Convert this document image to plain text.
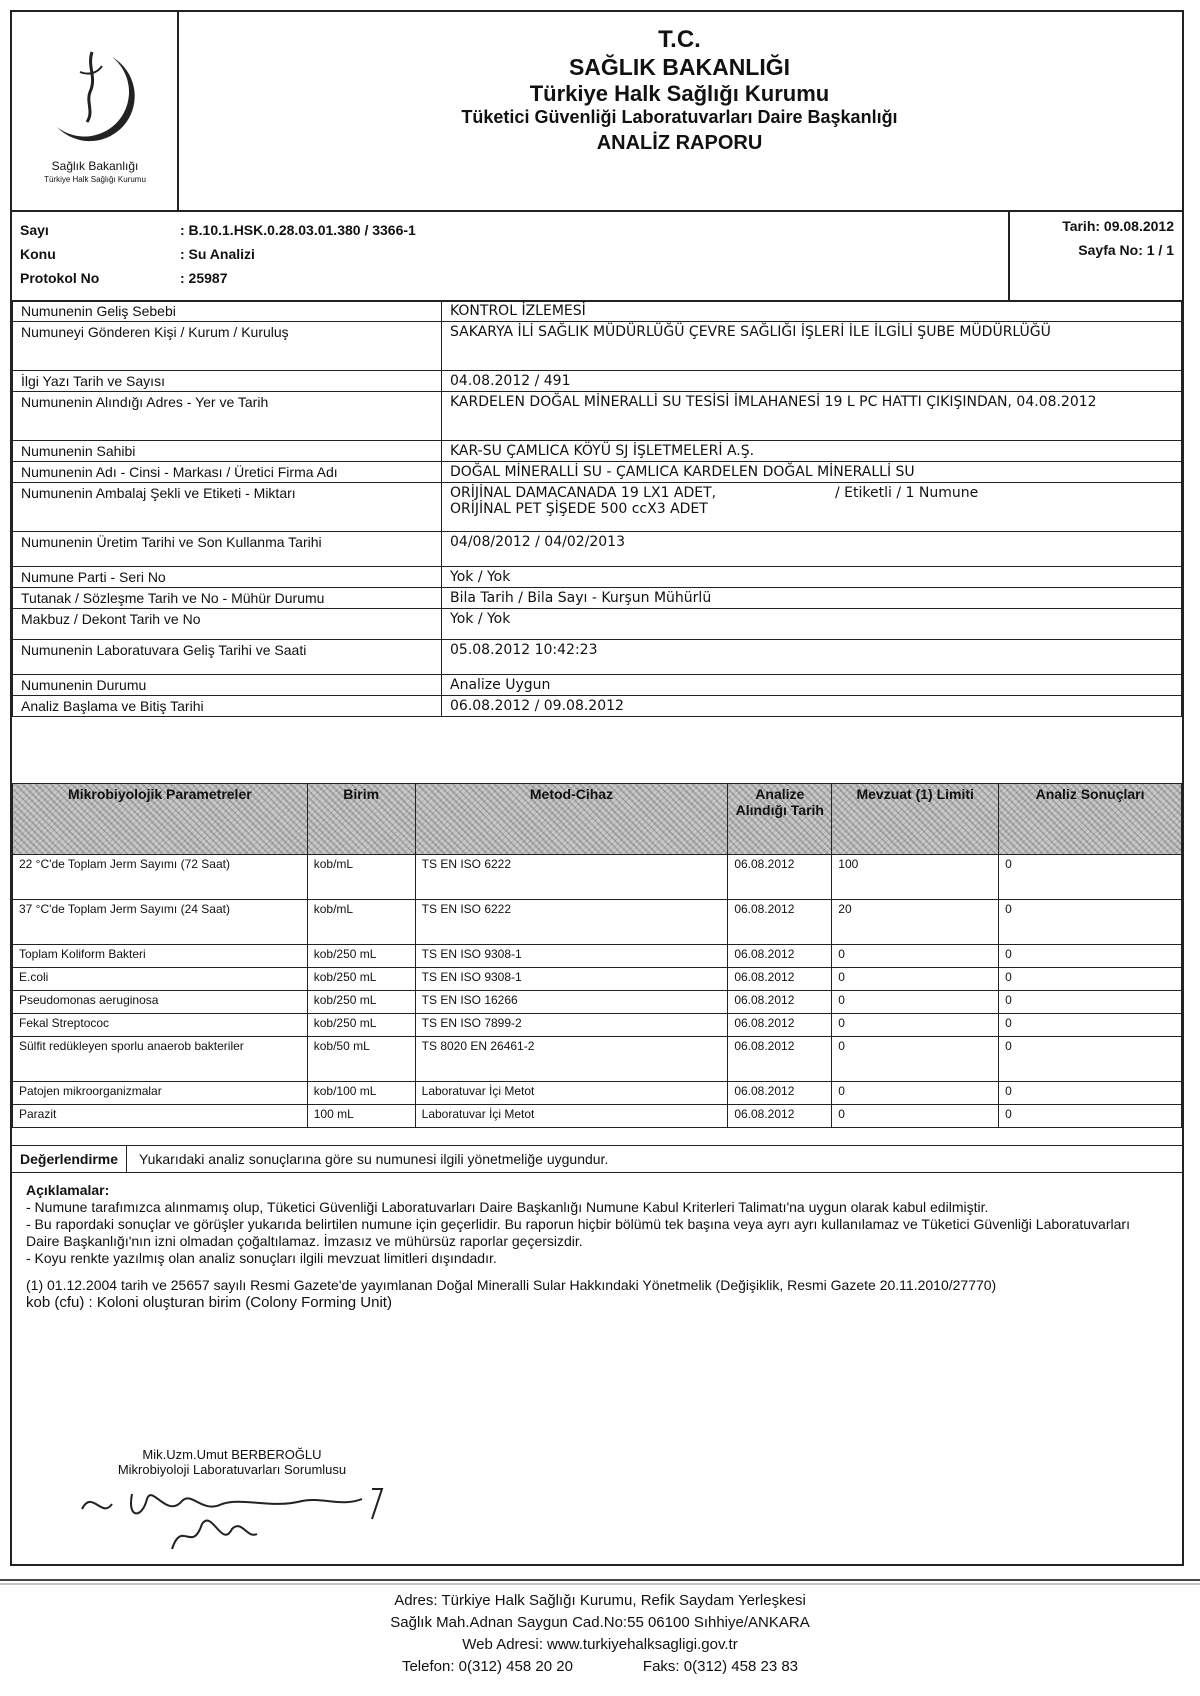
Sağlık Bakanlığı
Türkiye Halk Sağlığı Kurumu
T.C.
SAĞLIK BAKANLIĞI
Türkiye Halk Sağlığı Kurumu
Tüketici Güvenliği Laboratuvarları Daire Başkanlığı
ANALİZ RAPORU
Sayı	: B.10.1.HSK.0.28.03.01.380 / 3366-1
Konu	: Su Analizi
Protokol No	: 25987
Tarih: 09.08.2012
Sayfa No: 1 / 1
Numunenin Geliş Sebebi	KONTROL İZLEMESİ
Numuneyi Gönderen Kişi / Kurum / Kuruluş	SAKARYA İLİ SAĞLIK MÜDÜRLÜĞÜ ÇEVRE SAĞLIĞI İŞLERİ İLE İLGİLİ ŞUBE MÜDÜRLÜĞÜ
İlgi Yazı Tarih ve Sayısı	04.08.2012 / 491
Numunenin Alındığı Adres - Yer ve Tarih	KARDELEN DOĞAL MİNERALLİ SU TESİSİ İMLAHANESİ 19 L PC HATTI ÇIKIŞINDAN, 04.08.2012
Numunenin Sahibi	KAR-SU ÇAMLICA KÖYÜ SJ İŞLETMELERİ A.Ş.
Numunenin Adı - Cinsi - Markası / Üretici Firma Adı	DOĞAL MİNERALLİ SU - ÇAMLICA KARDELEN DOĞAL MİNERALLİ SU
Numunenin Ambalaj Şekli ve Etiketi - Miktarı	ORİJİNAL DAMACANADA 19 LX1 ADET, / Etiketli / 1 Numune
ORİJİNAL PET ŞİŞEDE 500 ccX3 ADET

Numunenin Üretim Tarihi ve Son Kullanma Tarihi	04/08/2012 / 04/02/2013
Numune Parti - Seri No	Yok / Yok
Tutanak / Sözleşme Tarih ve No - Mühür Durumu	Bila Tarih / Bila Sayı - Kurşun Mühürlü
Makbuz / Dekont Tarih ve No	Yok / Yok
Numunenin Laboratuvara Geliş Tarihi ve Saati	05.08.2012 10:42:23
Numunenin Durumu	Analize Uygun
Analiz Başlama ve Bitiş Tarihi	06.08.2012 / 09.08.2012
Mikrobiyolojik Parametreler	Birim	Metod-Cihaz	Analize Alındığı Tarih	Mevzuat (1) Limiti	Analiz Sonuçları
22 °C'de Toplam Jerm Sayımı (72 Saat)	kob/mL	TS EN ISO 6222	06.08.2012	100	0
37 °C'de Toplam Jerm Sayımı (24 Saat)	kob/mL	TS EN ISO 6222	06.08.2012	20	0
Toplam Koliform Bakteri	kob/250 mL	TS EN ISO 9308-1	06.08.2012	0	0
E.coli	kob/250 mL	TS EN ISO 9308-1	06.08.2012	0	0
Pseudomonas aeruginosa	kob/250 mL	TS EN ISO 16266	06.08.2012	0	0
Fekal Streptococ	kob/250 mL	TS EN ISO 7899-2	06.08.2012	0	0
Sülfit redükleyen sporlu anaerob bakteriler	kob/50 mL	TS 8020 EN 26461-2	06.08.2012	0	0
Patojen mikroorganizmalar	kob/100 mL	Laboratuvar İçi Metot	06.08.2012	0	0
Parazit	100 mL	Laboratuvar İçi Metot	06.08.2012	0	0
Değerlendirme	Yukarıdaki analiz sonuçlarına göre su numunesi ilgili yönetmeliğe uygundur.

Açıklamalar:

- Numune tarafımızca alınmamış olup, Tüketici Güvenliği Laboratuvarları Daire Başkanlığı Numune Kabul Kriterleri Talimatı'na uygun olarak kabul edilmiştir.

- Bu rapordaki sonuçlar ve görüşler yukarıda belirtilen numune için geçerlidir. Bu raporun hiçbir bölümü tek başına veya ayrı ayrı kullanılamaz ve Tüketici Güvenliği Laboratuvarları Daire Başkanlığı'nın izni olmadan çoğaltılamaz. İmzasız ve mühürsüz raporlar geçersizdir.

- Koyu renkte yazılmış olan analiz sonuçları ilgili mevzuat limitleri dışındadır.

(1) 01.12.2004 tarih ve 25657 sayılı Resmi Gazete'de yayımlanan Doğal Mineralli Sular Hakkındaki Yönetmelik (Değişiklik, Resmi Gazete 20.11.2010/27770)

kob (cfu) : Koloni oluşturan birim (Colony Forming Unit)

Mik.Uzm.Umut BERBEROĞLU
Mikrobiyoloji Laboratuvarları Sorumlusu
Adres: Türkiye Halk Sağlığı Kurumu, Refik Saydam Yerleşkesi
Sağlık Mah.Adnan Saygun Cad.No:55 06100 Sıhhiye/ANKARA
Web Adresi: www.turkiyehalksagligi.gov.tr
Telefon: 0(312) 458 20 20	Faks: 0(312) 458 23 83
